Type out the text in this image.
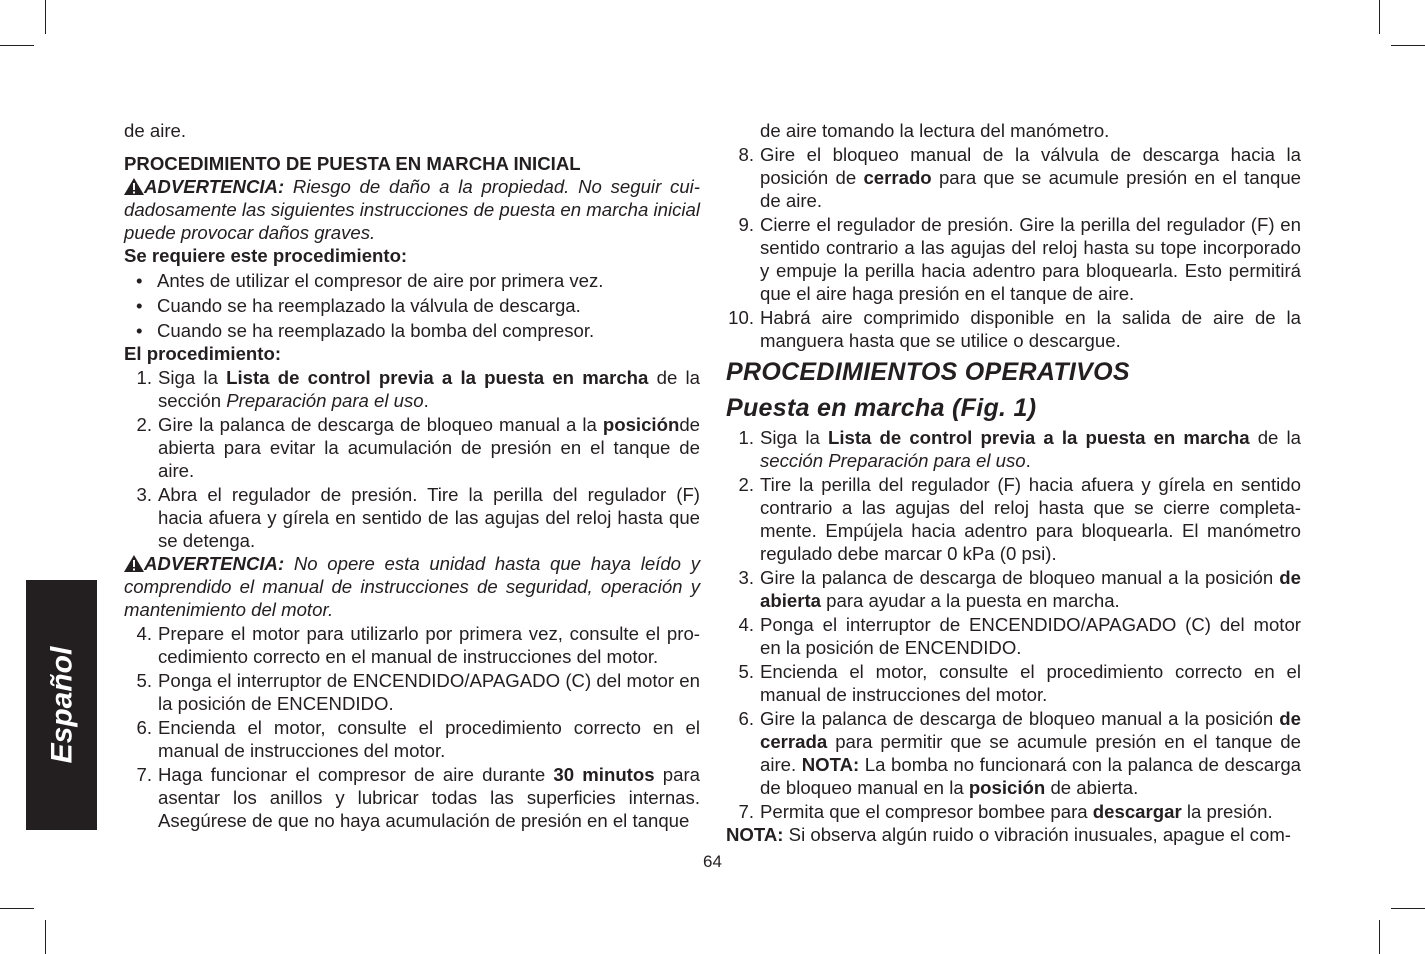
Español

de aire.

PROCEDIMIENTO DE PUESTA EN MARCHA INICIAL

ADVERTENCIA: Riesgo de daño a la propiedad. No seguir cuidadosamente las siguientes instrucciones de puesta en marcha inicial puede provocar daños graves.

Se requiere este procedimiento:

• Antes de utilizar el compresor de aire por primera vez.

• Cuando se ha reemplazado la válvula de descarga.

• Cuando se ha reemplazado la bomba del compresor.

El procedimiento:

1. Siga la Lista de control previa a la puesta en marcha de la sección Preparación para el uso.

2. Gire la palanca de descarga de bloqueo manual a la posiciónde abierta para evitar la acumulación de presión en el tanque de aire.

3. Abra el regulador de presión. Tire la perilla del regulador (F) hacia afuera y gírela en sentido de las agujas del reloj hasta que se detenga.

ADVERTENCIA: No opere esta unidad hasta que haya leído y comprendido el manual de instrucciones de seguridad, operación y mantenimiento del motor.

4. Prepare el motor para utilizarlo por primera vez, consulte el procedimiento correcto en el manual de instrucciones del motor.

5. Ponga el interruptor de ENCENDIDO/APAGADO (C) del motor en la posición de ENCENDIDO.

6. Encienda el motor, consulte el procedimiento correcto en el manual de instrucciones del motor.

7. Haga funcionar el compresor de aire durante 30 minutos para asentar los anillos y lubricar todas las superficies internas. Asegúrese de que no haya acumulación de presión en el tanque

de aire tomando la lectura del manómetro.

8. Gire el bloqueo manual de la válvula de descarga hacia la posición de cerrado para que se acumule presión en el tanque de aire.

9. Cierre el regulador de presión. Gire la perilla del regulador (F) en sentido contrario a las agujas del reloj hasta su tope incorporado y empuje la perilla hacia adentro para bloquearla. Esto permitirá que el aire haga presión en el tanque de aire.

10. Habrá aire comprimido disponible en la salida de aire de la manguera hasta que se utilice o descargue.

PROCEDIMIENTOS OPERATIVOS

Puesta en marcha (Fig. 1)

1. Siga la Lista de control previa a la puesta en marcha de la sección Preparación para el uso.

2. Tire la perilla del regulador (F) hacia afuera y gírela en sentido contrario a las agujas del reloj hasta que se cierre completamente. Empújela hacia adentro para bloquearla. El manómetro regulado debe marcar 0 kPa (0 psi).

3. Gire la palanca de descarga de bloqueo manual a la posición de abierta para ayudar a la puesta en marcha.

4. Ponga el interruptor de ENCENDIDO/APAGADO (C) del motor en la posición de ENCENDIDO.

5. Encienda el motor, consulte el procedimiento correcto en el manual de instrucciones del motor.

6. Gire la palanca de descarga de bloqueo manual a la posición de cerrada para permitir que se acumule presión en el tanque de aire. NOTA: La bomba no funcionará con la palanca de descarga de bloqueo manual en la posición de abierta.

7. Permita que el compresor bombee para descargar la presión.

NOTA: Si observa algún ruido o vibración inusuales, apague el com-

64
